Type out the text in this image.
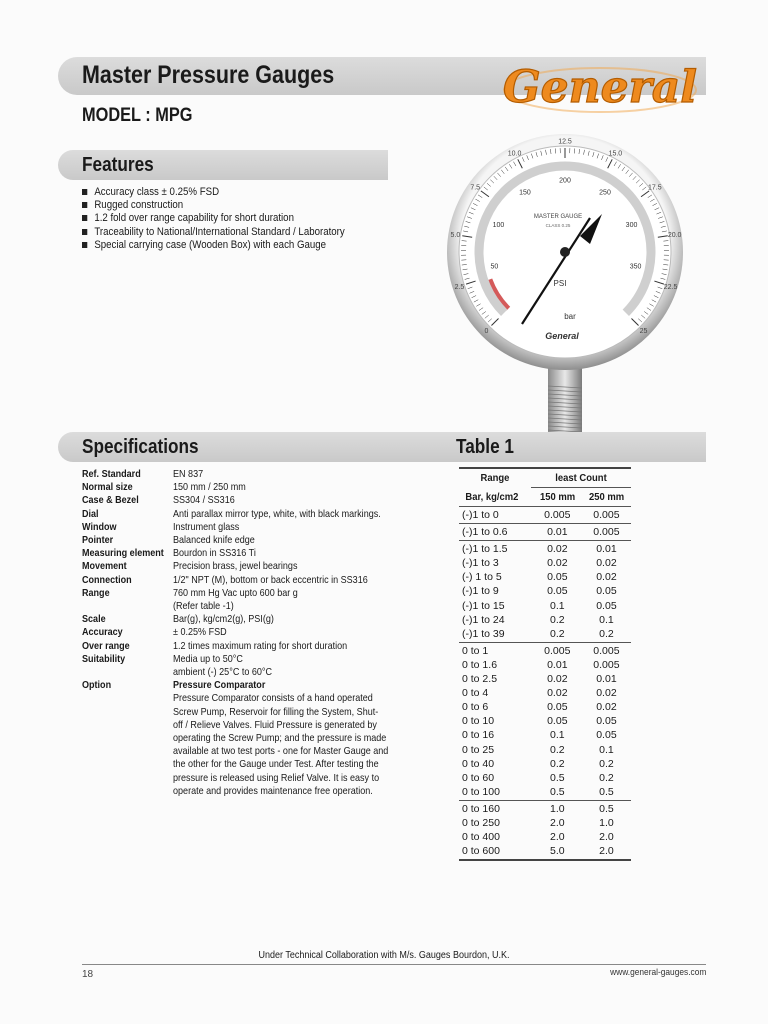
Master Pressure Gauges
MODEL : MPG
General
Features
Accuracy class ± 0.25% FSD
Rugged construction
1.2 fold over range capability for short duration
Traceability to National/International Standard / Laboratory
Special carrying case (Wooden Box) with each Gauge
0
2.5
5.0
7.5
10.0
12.5
15.0
17.5
20.0
22.5
25
50
100
150
200
250
300
350
MASTER GAUGE
CLASS 0.25
PSI
bar
General
Specifications	Table 1
Ref. Standard	EN 837
Normal size	150 mm / 250 mm
Case & Bezel	SS304 / SS316
Dial	Anti parallax mirror type, white, with black markings.
Window	Instrument glass
Pointer	Balanced knife edge
Measuring element Bourdon in SS316 Ti
Movement	Precision brass, jewel bearings
Connection	1/2" NPT (M), bottom or back eccentric in SS316
Range	760 mm Hg Vac upto 600 bar g
(Refer table -1)
Scale	Bar(g), kg/cm2(g), PSI(g)
Accuracy	± 0.25% FSD
Over range	1.2 times maximum rating for short duration
Suitability	Media up to 50°C
ambient (-) 25°C to 60°C
Option	Pressure Comparator
Pressure Comparator consists of a hand operated
Screw Pump, Reservoir for filling the System, Shut-
off / Relieve Valves. Fluid Pressure is generated by
operating the Screw Pump; and the pressure is made
available at two test ports - one for Master Gauge and
the other for the Gauge under Test. After testing the
pressure is released using Relief Valve. It is easy to
operate and provides maintenance free operation.
Range	least Count
Bar, kg/cm2	150 mm	250 mm
(-)1 to 0	0.005	0.005
(-)1 to 0.6	0.01	0.005
(-)1 to 1.5	0.02	0.01
(-)1 to 3	0.02	0.02
(-) 1 to 5	0.05	0.02
(-)1 to 9	0.05	0.05
(-)1 to 15	0.1	0.05
(-)1 to 24	0.2	0.1
(-)1 to 39	0.2	0.2
0 to 1	0.005	0.005
0 to 1.6	0.01	0.005
0 to 2.5	0.02	0.01
0 to 4	0.02	0.02
0 to 6	0.05	0.02
0 to 10	0.05	0.05
0 to 16	0.1	0.05
0 to 25	0.2	0.1
0 to 40	0.2	0.2
0 to 60	0.5	0.2
0 to 100	0.5	0.5
0 to 160	1.0	0.5
0 to 250	2.0	1.0
0 to 400	2.0	2.0
0 to 600	5.0	2.0
Under Technical Collaboration with M/s. Gauges Bourdon, U.K.
18	www.general-gauges.com
